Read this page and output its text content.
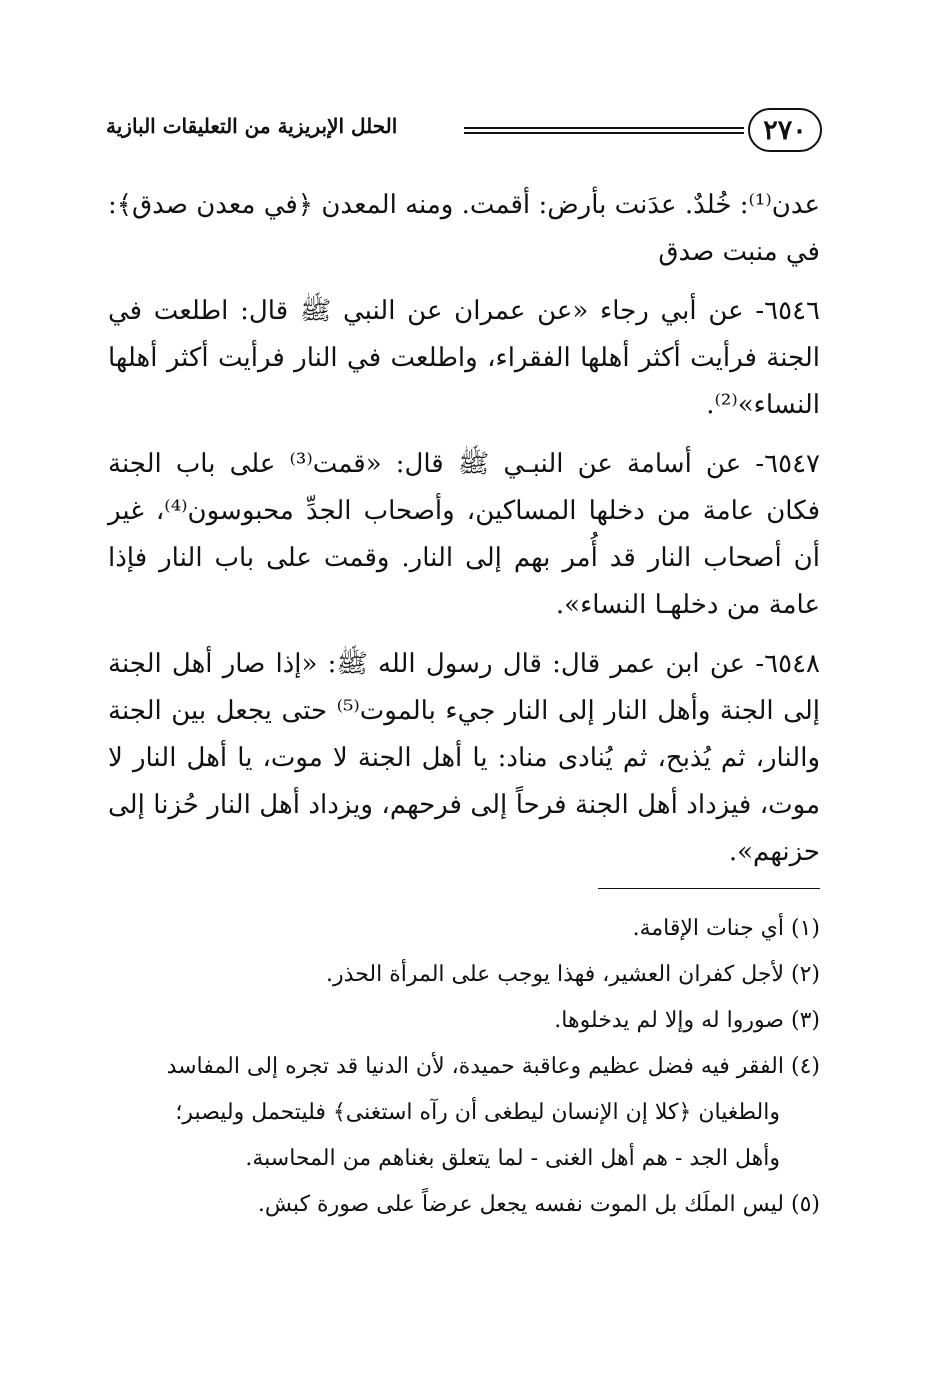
٢٧٠
الحلل الإبريزية من التعليقات البازية

عدن⁽¹⁾: خُلدٌ. عدَنت بأرض: أقمت. ومنه المعدن ﴿في معدن صدق﴾: في منبت صدق

٦٥٤٦- عن أبي رجاء «عن عمران عن النبي ﷺ قال: اطلعت في الجنة فرأيت أكثر أهلها الفقراء، واطلعت في النار فرأيت أكثر أهلها النساء»⁽²⁾.

٦٥٤٧- عن أسامة عن النبـي ﷺ قال: «قمت⁽³⁾ على باب الجنة فكان عامة من دخلها المساكين، وأصحاب الجدِّ محبوسون⁽⁴⁾، غير أن أصحاب النار قد أُمر بهم إلى النار. وقمت على باب النار فإذا عامة من دخلهـا النساء».

٦٥٤٨- عن ابن عمر قال: قال رسول الله ﷺ: «إذا صار أهل الجنة إلى الجنة وأهل النار إلى النار جيء بالموت⁽⁵⁾ حتى يجعل بين الجنة والنار، ثم يُذبح، ثم يُنادى مناد: يا أهل الجنة لا موت، يا أهل النار لا موت، فيزداد أهل الجنة فرحاً إلى فرحهم، ويزداد أهل النار حُزنا إلى حزنهم».

(١) أي جنات الإقامة.

(٢) لأجل كفران العشير، فهذا يوجب على المرأة الحذر.

(٣) صوروا له وإلا لم يدخلوها.

(٤) الفقر فيه فضل عظيم وعاقبة حميدة، لأن الدنيا قد تجره إلى المفاسد

والطغيان ﴿كلا إن الإنسان ليطغى أن رآه استغنى﴾ فليتحمل وليصبر؛

وأهل الجد - هم أهل الغنى - لما يتعلق بغناهم من المحاسبة.

(٥) ليس الملَك بل الموت نفسه يجعل عرضاً على صورة كبش.
